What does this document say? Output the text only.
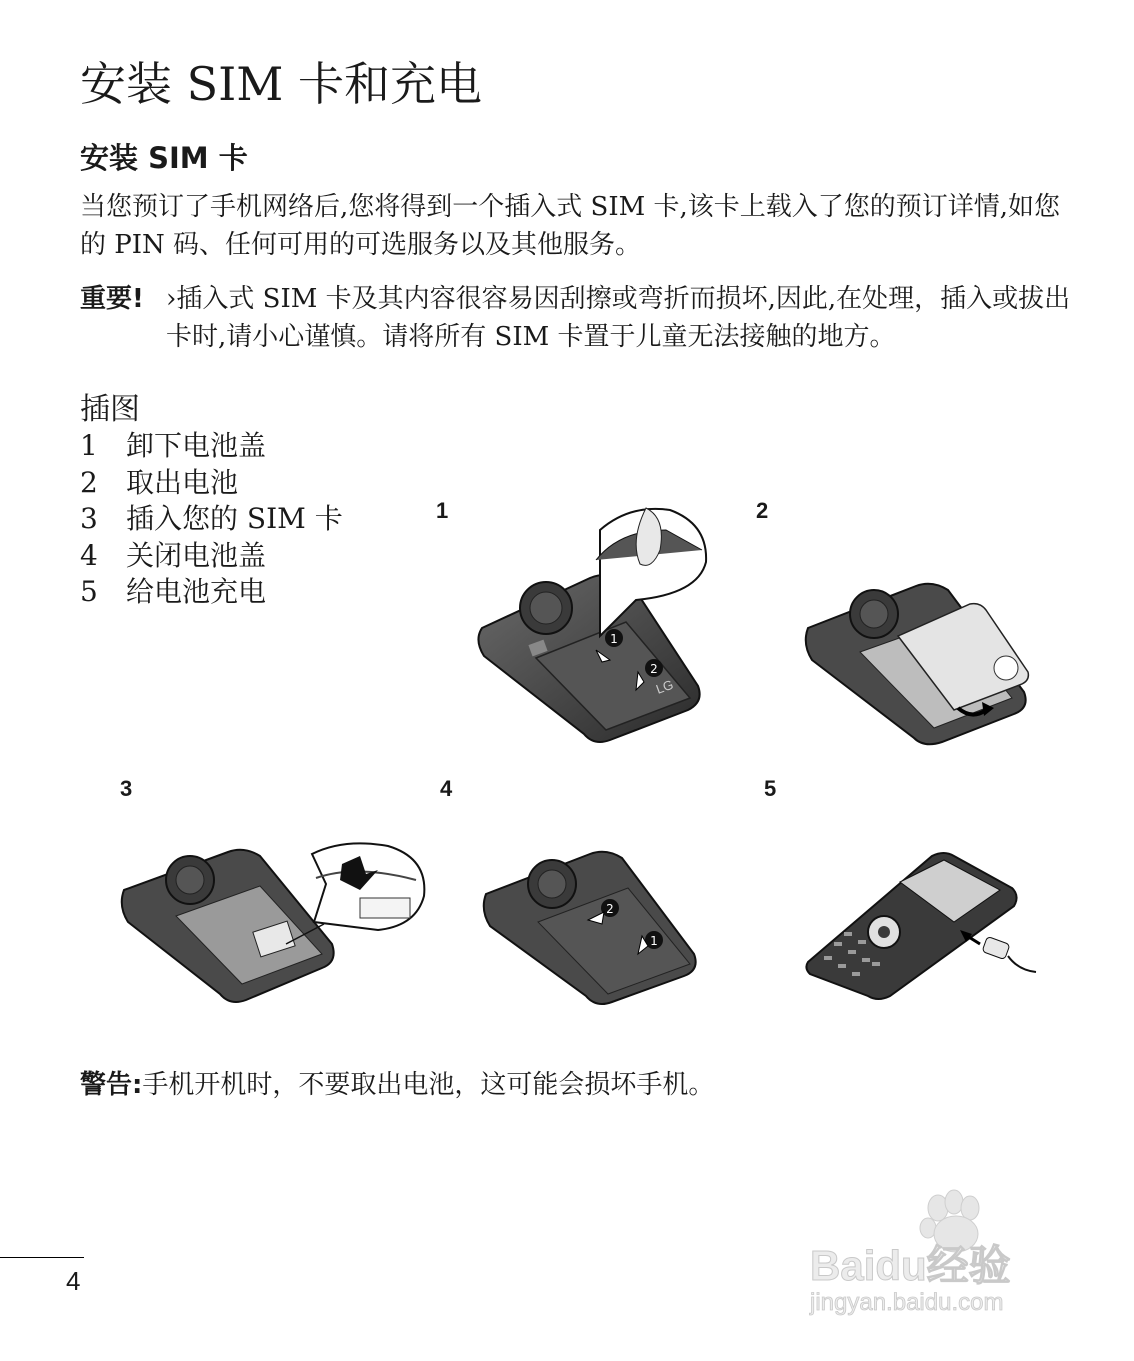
安装 SIM 卡和充电
安装 SIM 卡

当您预订了手机网络后,您将得到一个插入式 SIM 卡,该卡上载入了您的预订详情,如您的 PIN 码、任何可用的可选服务以及其他服务。

重要! ›插入式 SIM 卡及其内容很容易因刮擦或弯折而损坏,因此,在处理，插入或拔出卡时,请小心谨慎。请将所有 SIM 卡置于儿童无法接触的地方。
插图
1	卸下电池盖
2	取出电池
3	插入您的 SIM 卡
4	关闭电池盖
5	给电池充电
1	2
3	4	5
1
2
LG
2
1
警告:手机开机时，不要取出电池，这可能会损坏手机。
Baidu经验
jingyan.baidu.com
4
